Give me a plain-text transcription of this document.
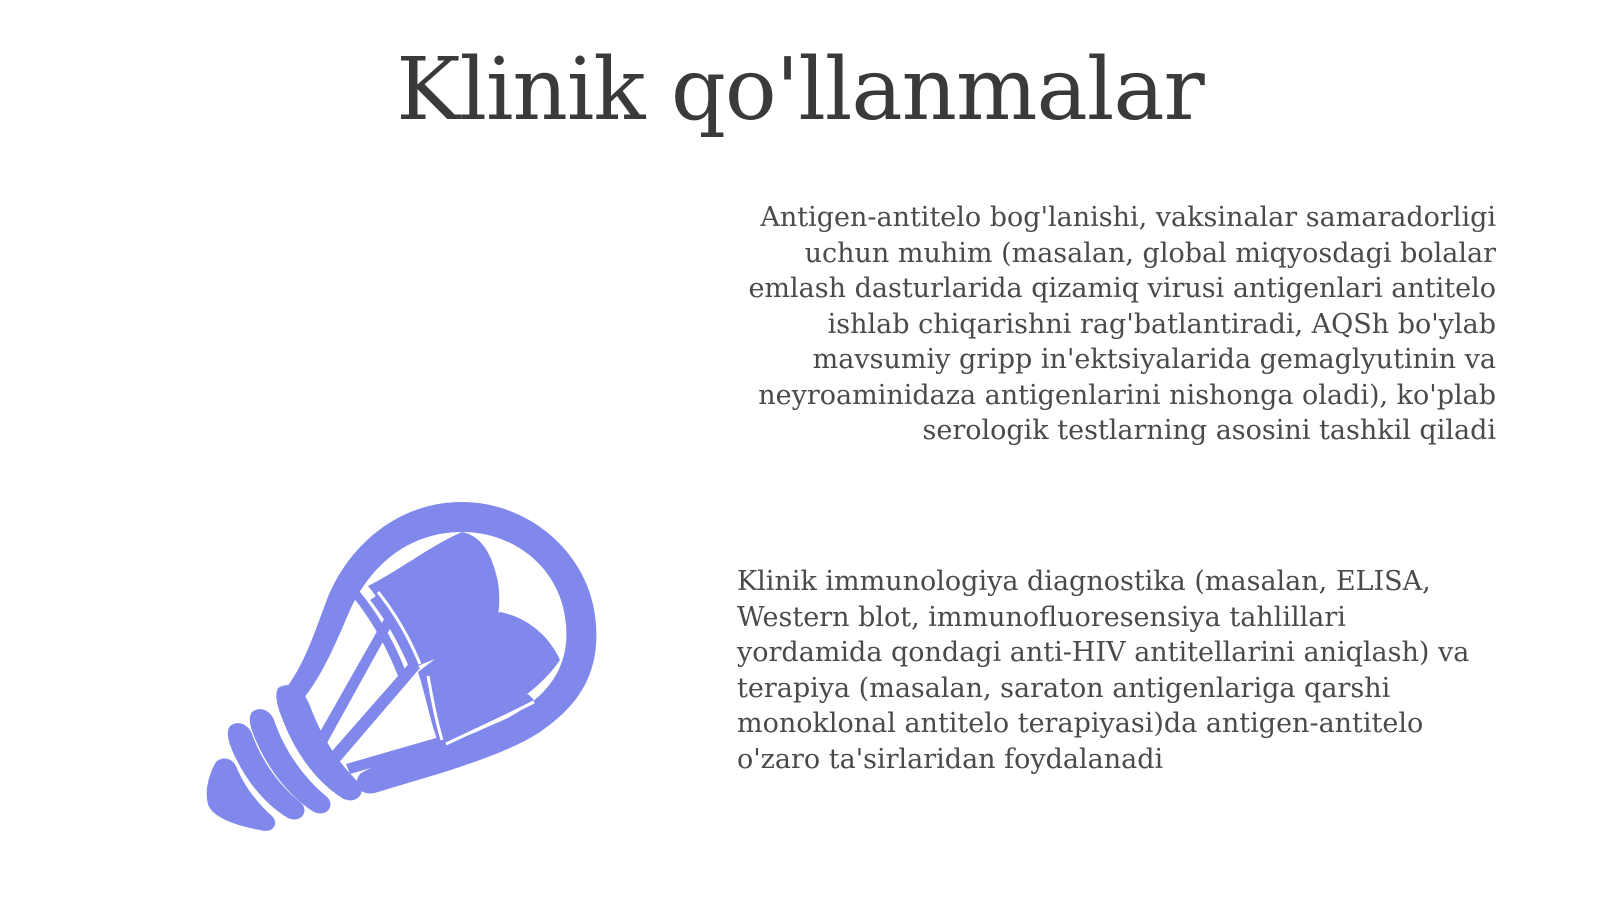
Klinik qo'llanmalar

Antigen-antitelo bog'lanishi, vaksinalar samaradorligi uchun muhim (masalan, global miqyosdagi bolalar emlash dasturlarida qizamiq virusi antigenlari antitelo ishlab chiqarishni rag'batlantiradi, AQSh bo'ylab mavsumiy gripp in'ektsiyalarida gemaglyutinin va neyroaminidaza antigenlarini nishonga oladi), ko'plab serologik testlarning asosini tashkil qiladi

Klinik immunologiya diagnostika (masalan, ELISA, Western blot, immunofluoresensiya tahlillari yordamida qondagi anti-HIV antitellarini aniqlash) va terapiya (masalan, saraton antigenlariga qarshi monoklonal antitelo terapiyasi)da antigen-antitelo o'zaro ta'sirlaridan foydalanadi
